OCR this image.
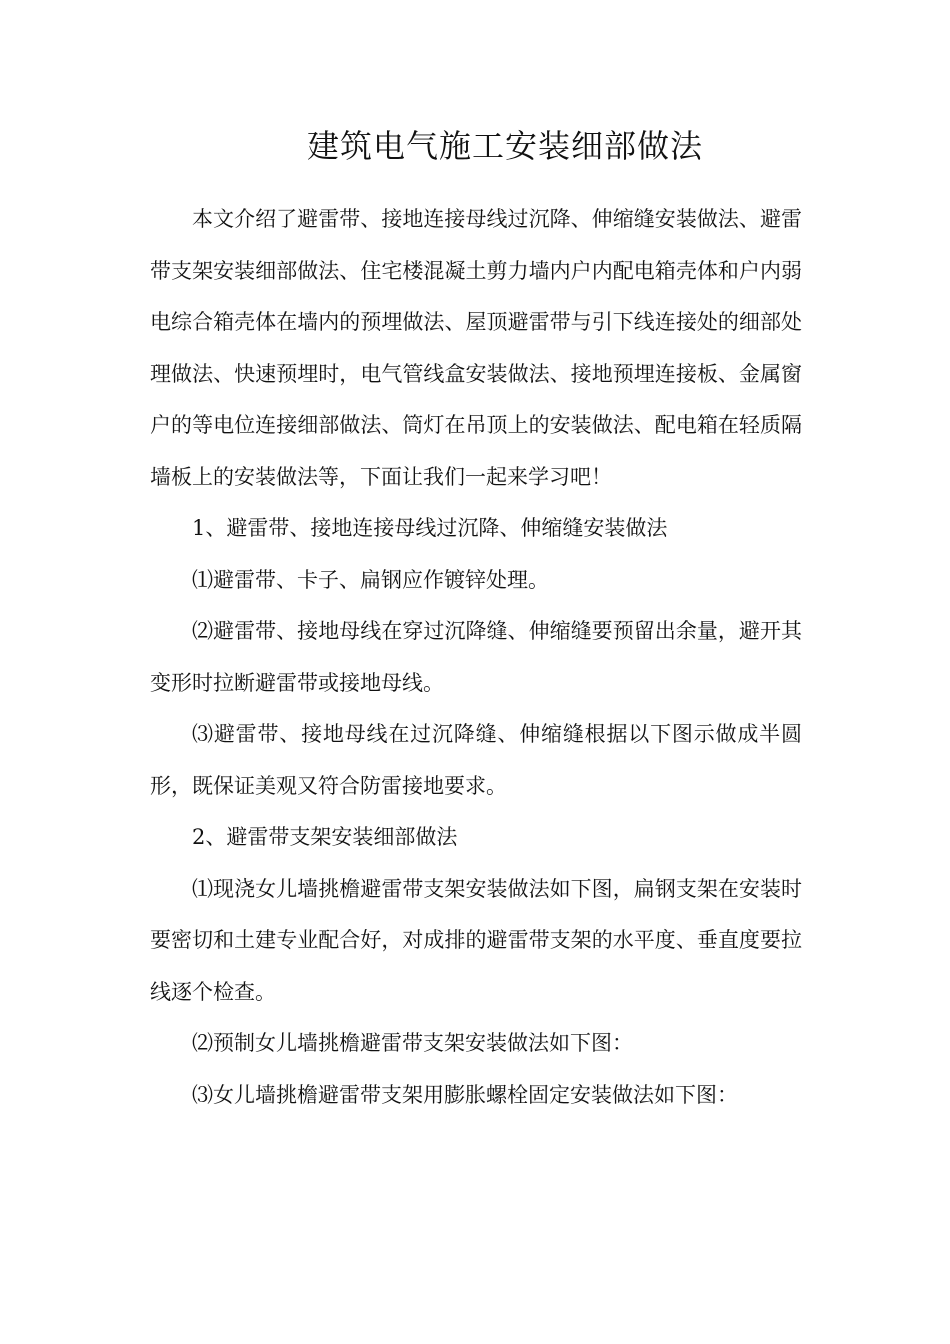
建筑电气施工安装细部做法

本文介绍了避雷带、接地连接母线过沉降、伸缩缝安装做法、避雷带支架安装细部做法、住宅楼混凝土剪力墙内户内配电箱壳体和户内弱电综合箱壳体在墙内的预埋做法、屋顶避雷带与引下线连接处的细部处理做法、快速预埋时，电气管线盒安装做法、接地预埋连接板、金属窗户的等电位连接细部做法、筒灯在吊顶上的安装做法、配电箱在轻质隔墙板上的安装做法等，下面让我们一起来学习吧！

1、避雷带、接地连接母线过沉降、伸缩缝安装做法

⑴避雷带、卡子、扁钢应作镀锌处理。

⑵避雷带、接地母线在穿过沉降缝、伸缩缝要预留出余量，避开其变形时拉断避雷带或接地母线。

⑶避雷带、接地母线在过沉降缝、伸缩缝根据以下图示做成半圆形，既保证美观又符合防雷接地要求。

2、避雷带支架安装细部做法

⑴现浇女儿墙挑檐避雷带支架安装做法如下图，扁钢支架在安装时要密切和土建专业配合好，对成排的避雷带支架的水平度、垂直度要拉线逐个检查。

⑵预制女儿墙挑檐避雷带支架安装做法如下图：

⑶女儿墙挑檐避雷带支架用膨胀螺栓固定安装做法如下图：
